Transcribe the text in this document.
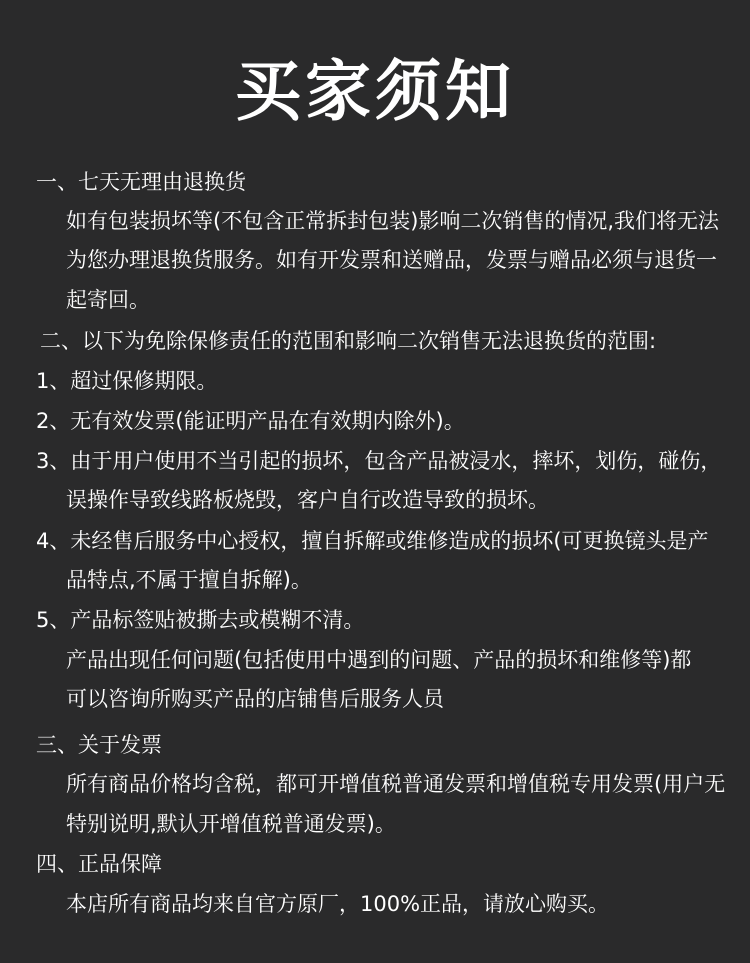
买家须知
一、七天无理由退换货
如有包装损坏等(不包含正常拆封包装)影响二次销售的情况,我们将无法
为您办理退换货服务。如有开发票和送赠品，发票与赠品必须与退货一
起寄回。
二、以下为免除保修责任的范围和影响二次销售无法退换货的范围:
1、超过保修期限。
2、无有效发票(能证明产品在有效期内除外)。
3、由于用户使用不当引起的损坏，包含产品被浸水，摔坏，划伤，碰伤，
误操作导致线路板烧毁，客户自行改造导致的损坏。
4、未经售后服务中心授权，擅自拆解或维修造成的损坏(可更换镜头是产
品特点,不属于擅自拆解)。
5、产品标签贴被撕去或模糊不清。
产品出现任何问题(包括使用中遇到的问题、产品的损坏和维修等)都
可以咨询所购买产品的店铺售后服务人员
三、关于发票
所有商品价格均含税，都可开增值税普通发票和增值税专用发票(用户无
特别说明,默认开增值税普通发票)。
四、正品保障
本店所有商品均来自官方原厂，100%正品，请放心购买。
